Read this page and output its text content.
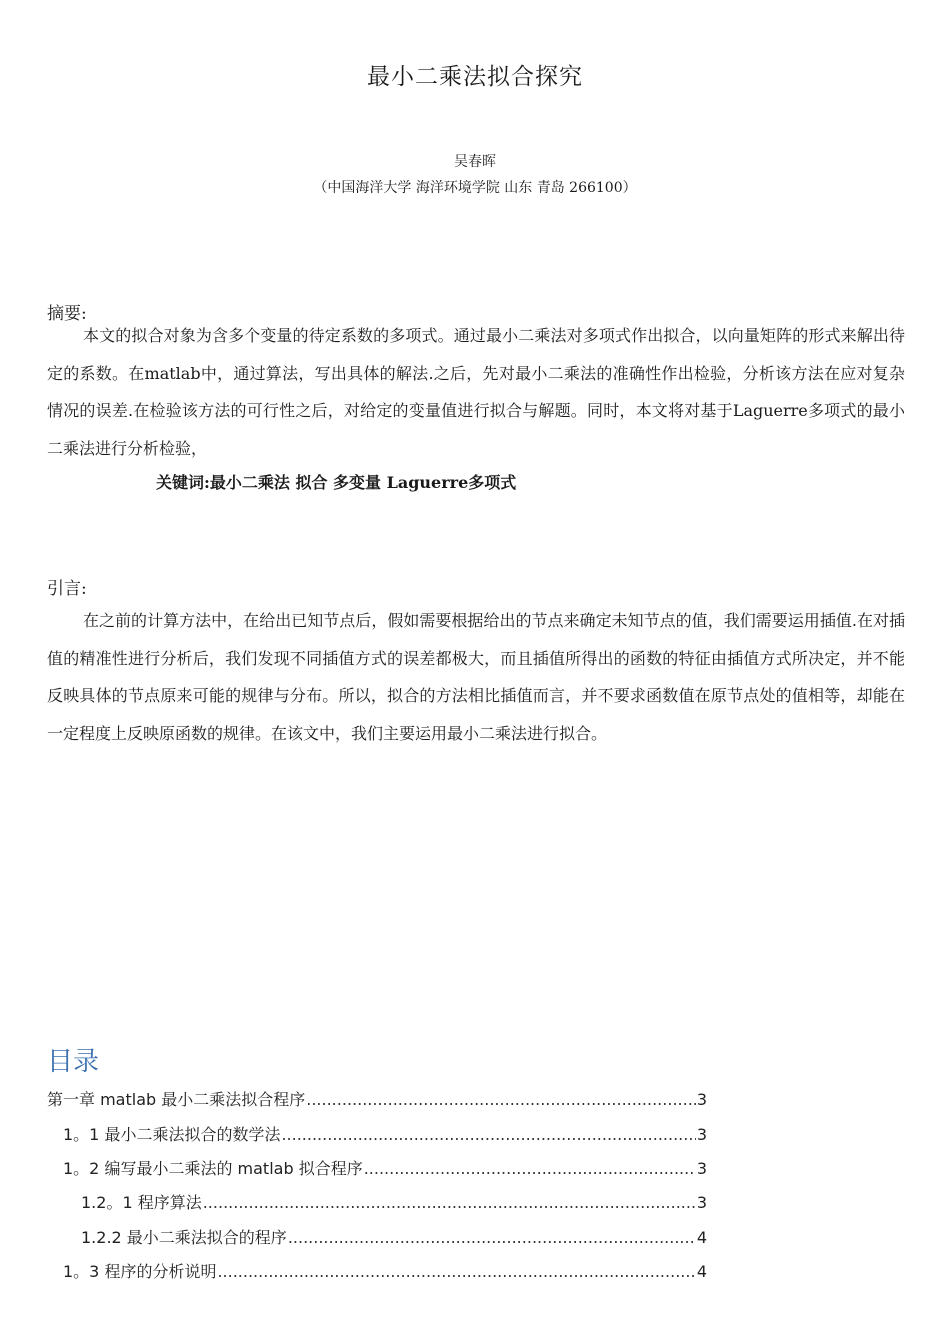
最小二乘法拟合探究
吴春晖
（中国海洋大学 海洋环境学院 山东 青岛 266100）
摘要:
本文的拟合对象为含多个变量的待定系数的多项式。通过最小二乘法对多项式作出拟合，以向量矩阵的形式来解出待定的系数。在matlab中，通过算法，写出具体的解法.之后，先对最小二乘法的准确性作出检验，分析该方法在应对复杂情况的误差.在检验该方法的可行性之后，对给定的变量值进行拟合与解题。同时，本文将对基于Laguerre多项式的最小二乘法进行分析检验，
关键词:最小二乘法 拟合 多变量 Laguerre多项式
引言:
在之前的计算方法中，在给出已知节点后，假如需要根据给出的节点来确定未知节点的值，我们需要运用插值.在对插值的精准性进行分析后，我们发现不同插值方式的误差都极大，而且插值所得出的函数的特征由插值方式所决定，并不能反映具体的节点原来可能的规律与分布。所以，拟合的方法相比插值而言，并不要求函数值在原节点处的值相等，却能在一定程度上反映原函数的规律。在该文中，我们主要运用最小二乘法进行拟合。
目录
第一章 matlab 最小二乘法拟合程序 .....	3
1。1 最小二乘法拟合的数学法 .....	3
1。2 编写最小二乘法的 matlab 拟合程序 .....	3
1.2。1 程序算法 .....	3
1.2.2 最小二乘法拟合的程序 .....	4
1。3 程序的分析说明 .....	4
